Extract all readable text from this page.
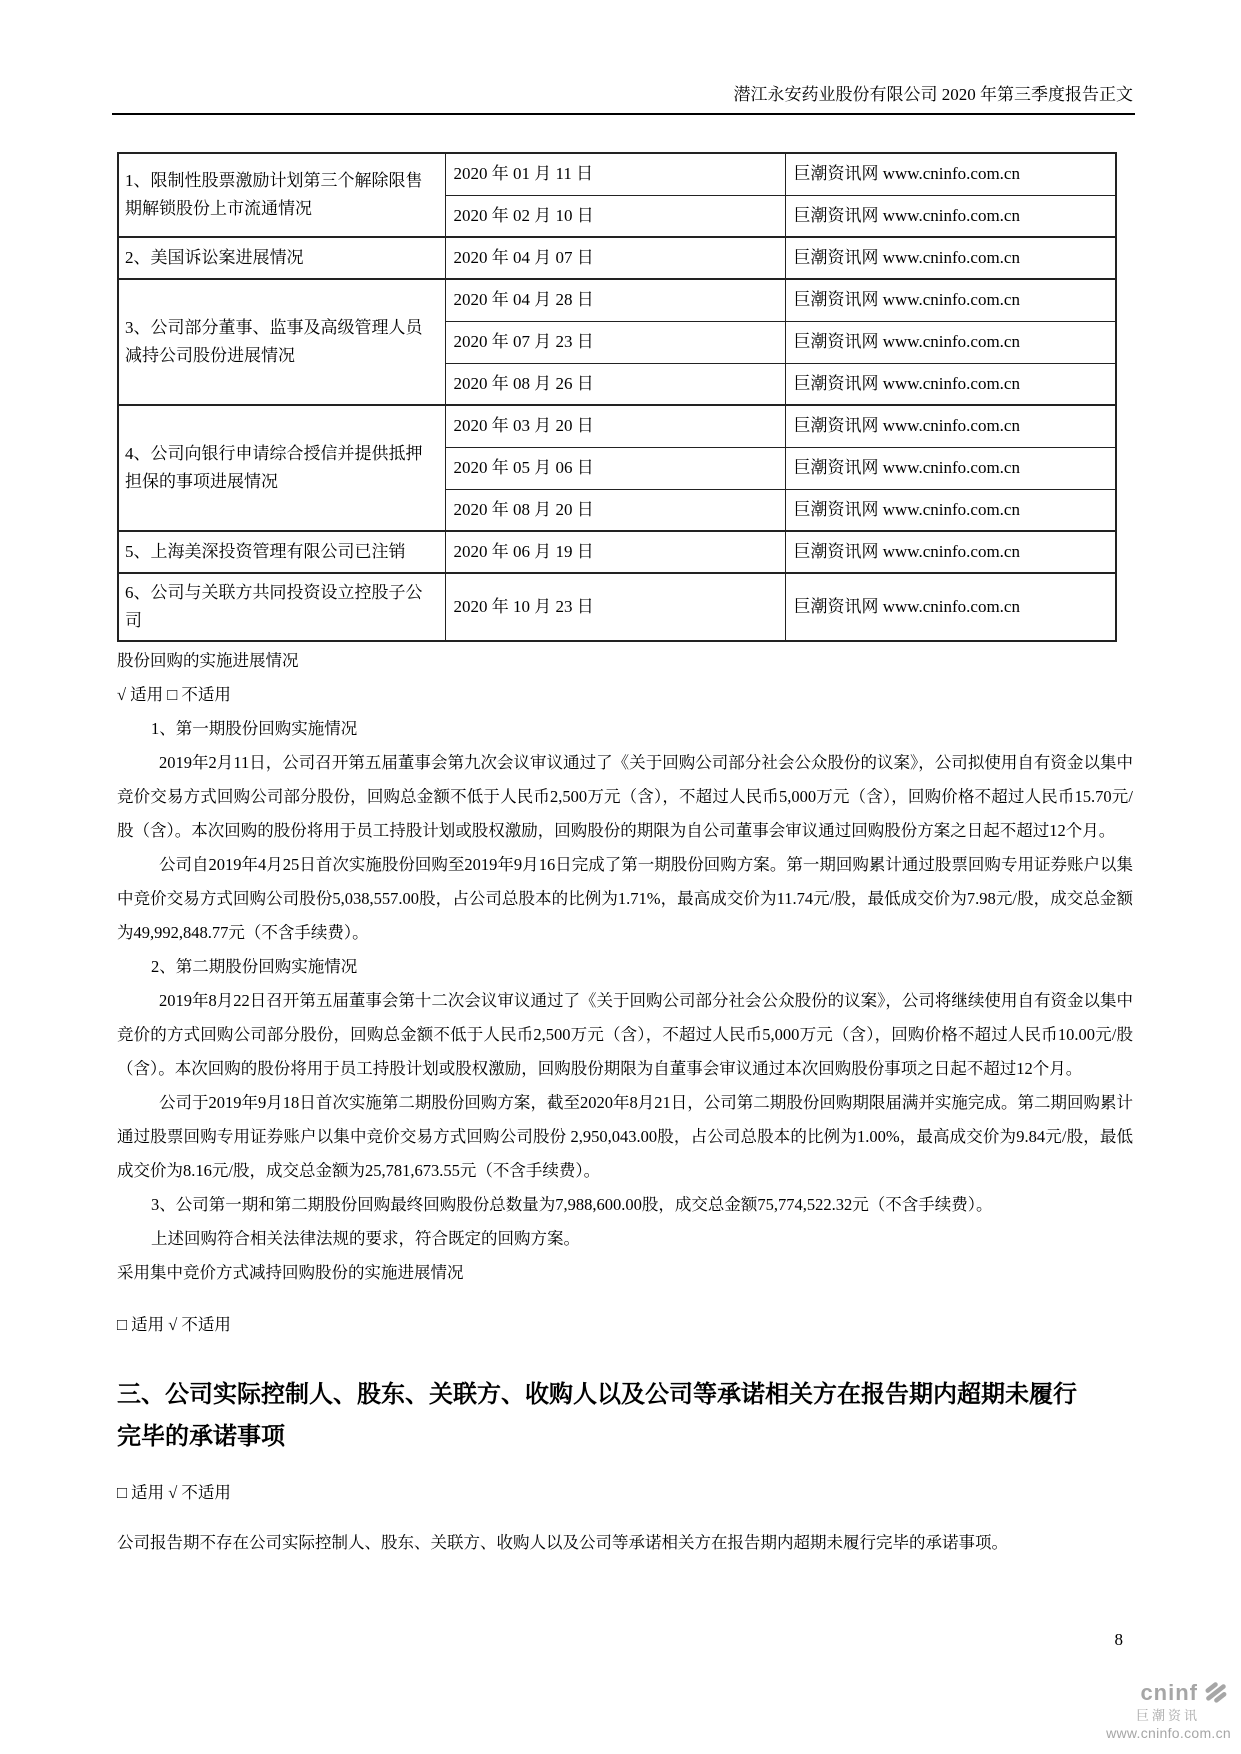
潜江永安药业股份有限公司 2020 年第三季度报告正文
1、限制性股票激励计划第三个解除限售期解锁股份上市流通情况	2020 年 01 月 11 日	巨潮资讯网 www.cninfo.com.cn
	2020 年 02 月 10 日	巨潮资讯网 www.cninfo.com.cn
2、美国诉讼案进展情况	2020 年 04 月 07 日	巨潮资讯网 www.cninfo.com.cn
3、公司部分董事、监事及高级管理人员减持公司股份进展情况	2020 年 04 月 28 日	巨潮资讯网 www.cninfo.com.cn
	2020 年 07 月 23 日	巨潮资讯网 www.cninfo.com.cn
	2020 年 08 月 26 日	巨潮资讯网 www.cninfo.com.cn
4、公司向银行申请综合授信并提供抵押担保的事项进展情况	2020 年 03 月 20 日	巨潮资讯网 www.cninfo.com.cn
	2020 年 05 月 06 日	巨潮资讯网 www.cninfo.com.cn
	2020 年 08 月 20 日	巨潮资讯网 www.cninfo.com.cn
5、上海美深投资管理有限公司已注销	2020 年 06 月 19 日	巨潮资讯网 www.cninfo.com.cn
6、公司与关联方共同投资设立控股子公司	2020 年 10 月 23 日	巨潮资讯网 www.cninfo.com.cn

股份回购的实施进展情况

√ 适用 □ 不适用

1、第一期股份回购实施情况

2019年2月11日，公司召开第五届董事会第九次会议审议通过了《关于回购公司部分社会公众股份的议案》，公司拟使用自有资金以集中竞价交易方式回购公司部分股份，回购总金额不低于人民币2,500万元（含），不超过人民币5,000万元（含），回购价格不超过人民币15.70元/股（含）。本次回购的股份将用于员工持股计划或股权激励，回购股份的期限为自公司董事会审议通过回购股份方案之日起不超过12个月。

公司自2019年4月25日首次实施股份回购至2019年9月16日完成了第一期股份回购方案。第一期回购累计通过股票回购专用证券账户以集中竞价交易方式回购公司股份5,038,557.00股，占公司总股本的比例为1.71%，最高成交价为11.74元/股，最低成交价为7.98元/股，成交总金额为49,992,848.77元（不含手续费）。

2、第二期股份回购实施情况

2019年8月22日召开第五届董事会第十二次会议审议通过了《关于回购公司部分社会公众股份的议案》，公司将继续使用自有资金以集中竞价的方式回购公司部分股份，回购总金额不低于人民币2,500万元（含），不超过人民币5,000万元（含），回购价格不超过人民币10.00元/股（含）。本次回购的股份将用于员工持股计划或股权激励，回购股份期限为自董事会审议通过本次回购股份事项之日起不超过12个月。

公司于2019年9月18日首次实施第二期股份回购方案，截至2020年8月21日，公司第二期股份回购期限届满并实施完成。第二期回购累计通过股票回购专用证券账户以集中竞价交易方式回购公司股份 2,950,043.00股，占公司总股本的比例为1.00%，最高成交价为9.84元/股，最低成交价为8.16元/股，成交总金额为25,781,673.55元（不含手续费）。

3、公司第一期和第二期股份回购最终回购股份总数量为7,988,600.00股，成交总金额75,774,522.32元（不含手续费）。

上述回购符合相关法律法规的要求，符合既定的回购方案。

采用集中竞价方式减持回购股份的实施进展情况

□ 适用 √ 不适用

三、公司实际控制人、股东、关联方、收购人以及公司等承诺相关方在报告期内超期未履行
完毕的承诺事项

□ 适用 √ 不适用

公司报告期不存在公司实际控制人、股东、关联方、收购人以及公司等承诺相关方在报告期内超期未履行完毕的承诺事项。

8
cninf
巨潮资讯
www.cninfo.com.cn
